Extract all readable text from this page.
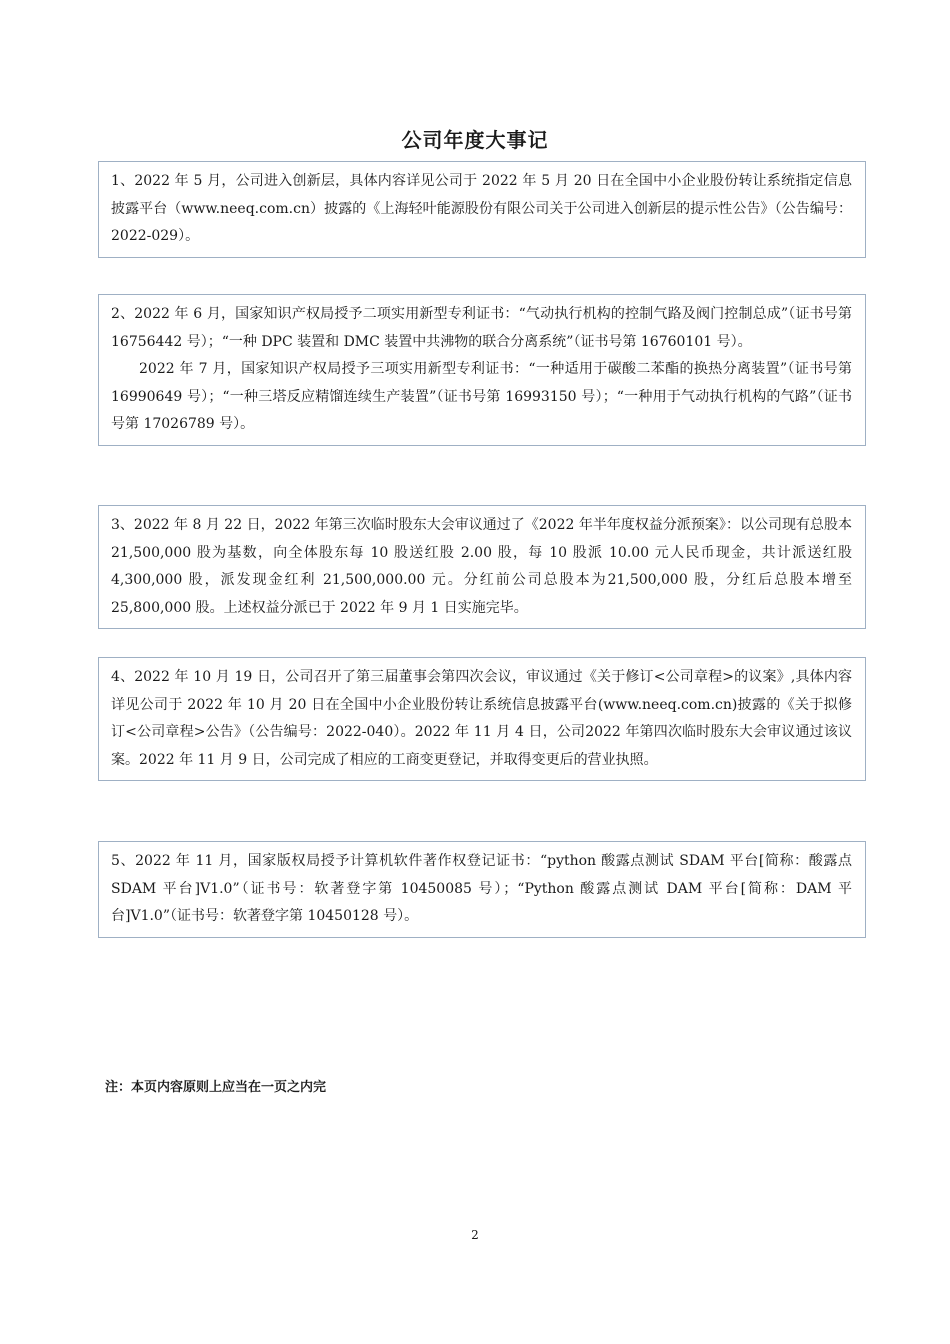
公司年度大事记

1、2022 年 5 月，公司进入创新层，具体内容详见公司于 2022 年 5 月 20 日在全国中小企业股份转让系统指定信息披露平台（www.neeq.com.cn）披露的《上海轻叶能源股份有限公司关于公司进入创新层的提示性公告》（公告编号：2022-029）。

2、2022 年 6 月，国家知识产权局授予二项实用新型专利证书：“气动执行机构的控制气路及阀门控制总成”（证书号第 16756442 号）；“一种 DPC 装置和 DMC 装置中共沸物的联合分离系统”（证书号第 16760101 号）。

2022 年 7 月，国家知识产权局授予三项实用新型专利证书：“一种适用于碳酸二苯酯的换热分离装置”（证书号第 16990649 号）；“一种三塔反应精馏连续生产装置”（证书号第 16993150 号）；“一种用于气动执行机构的气路”（证书号第 17026789 号）。

3、2022 年 8 月 22 日，2022 年第三次临时股东大会审议通过了《2022 年半年度权益分派预案》：以公司现有总股本 21,500,000 股为基数，向全体股东每 10 股送红股 2.00 股，每 10 股派 10.00 元人民币现金，共计派送红股 4,300,000 股，派发现金红利 21,500,000.00 元。分红前公司总股本为21,500,000 股，分红后总股本增至 25,800,000 股。上述权益分派已于 2022 年 9 月 1 日实施完毕。

4、2022 年 10 月 19 日，公司召开了第三届董事会第四次会议，审议通过《关于修订<公司章程>的议案》,具体内容详见公司于 2022 年 10 月 20 日在全国中小企业股份转让系统信息披露平台(www.neeq.com.cn)披露的《关于拟修订<公司章程>公告》（公告编号：2022-040）。2022 年 11 月 4 日，公司2022 年第四次临时股东大会审议通过该议案。2022 年 11 月 9 日，公司完成了相应的工商变更登记，并取得变更后的营业执照。

5、2022 年 11 月，国家版权局授予计算机软件著作权登记证书：“python 酸露点测试 SDAM 平台[简称：酸露点 SDAM 平台]V1.0”（证书号：软著登字第 10450085 号）；“Python 酸露点测试 DAM 平台[简称：DAM 平台]V1.0”（证书号：软著登字第 10450128 号）。

注：本页内容原则上应当在一页之内完
2
